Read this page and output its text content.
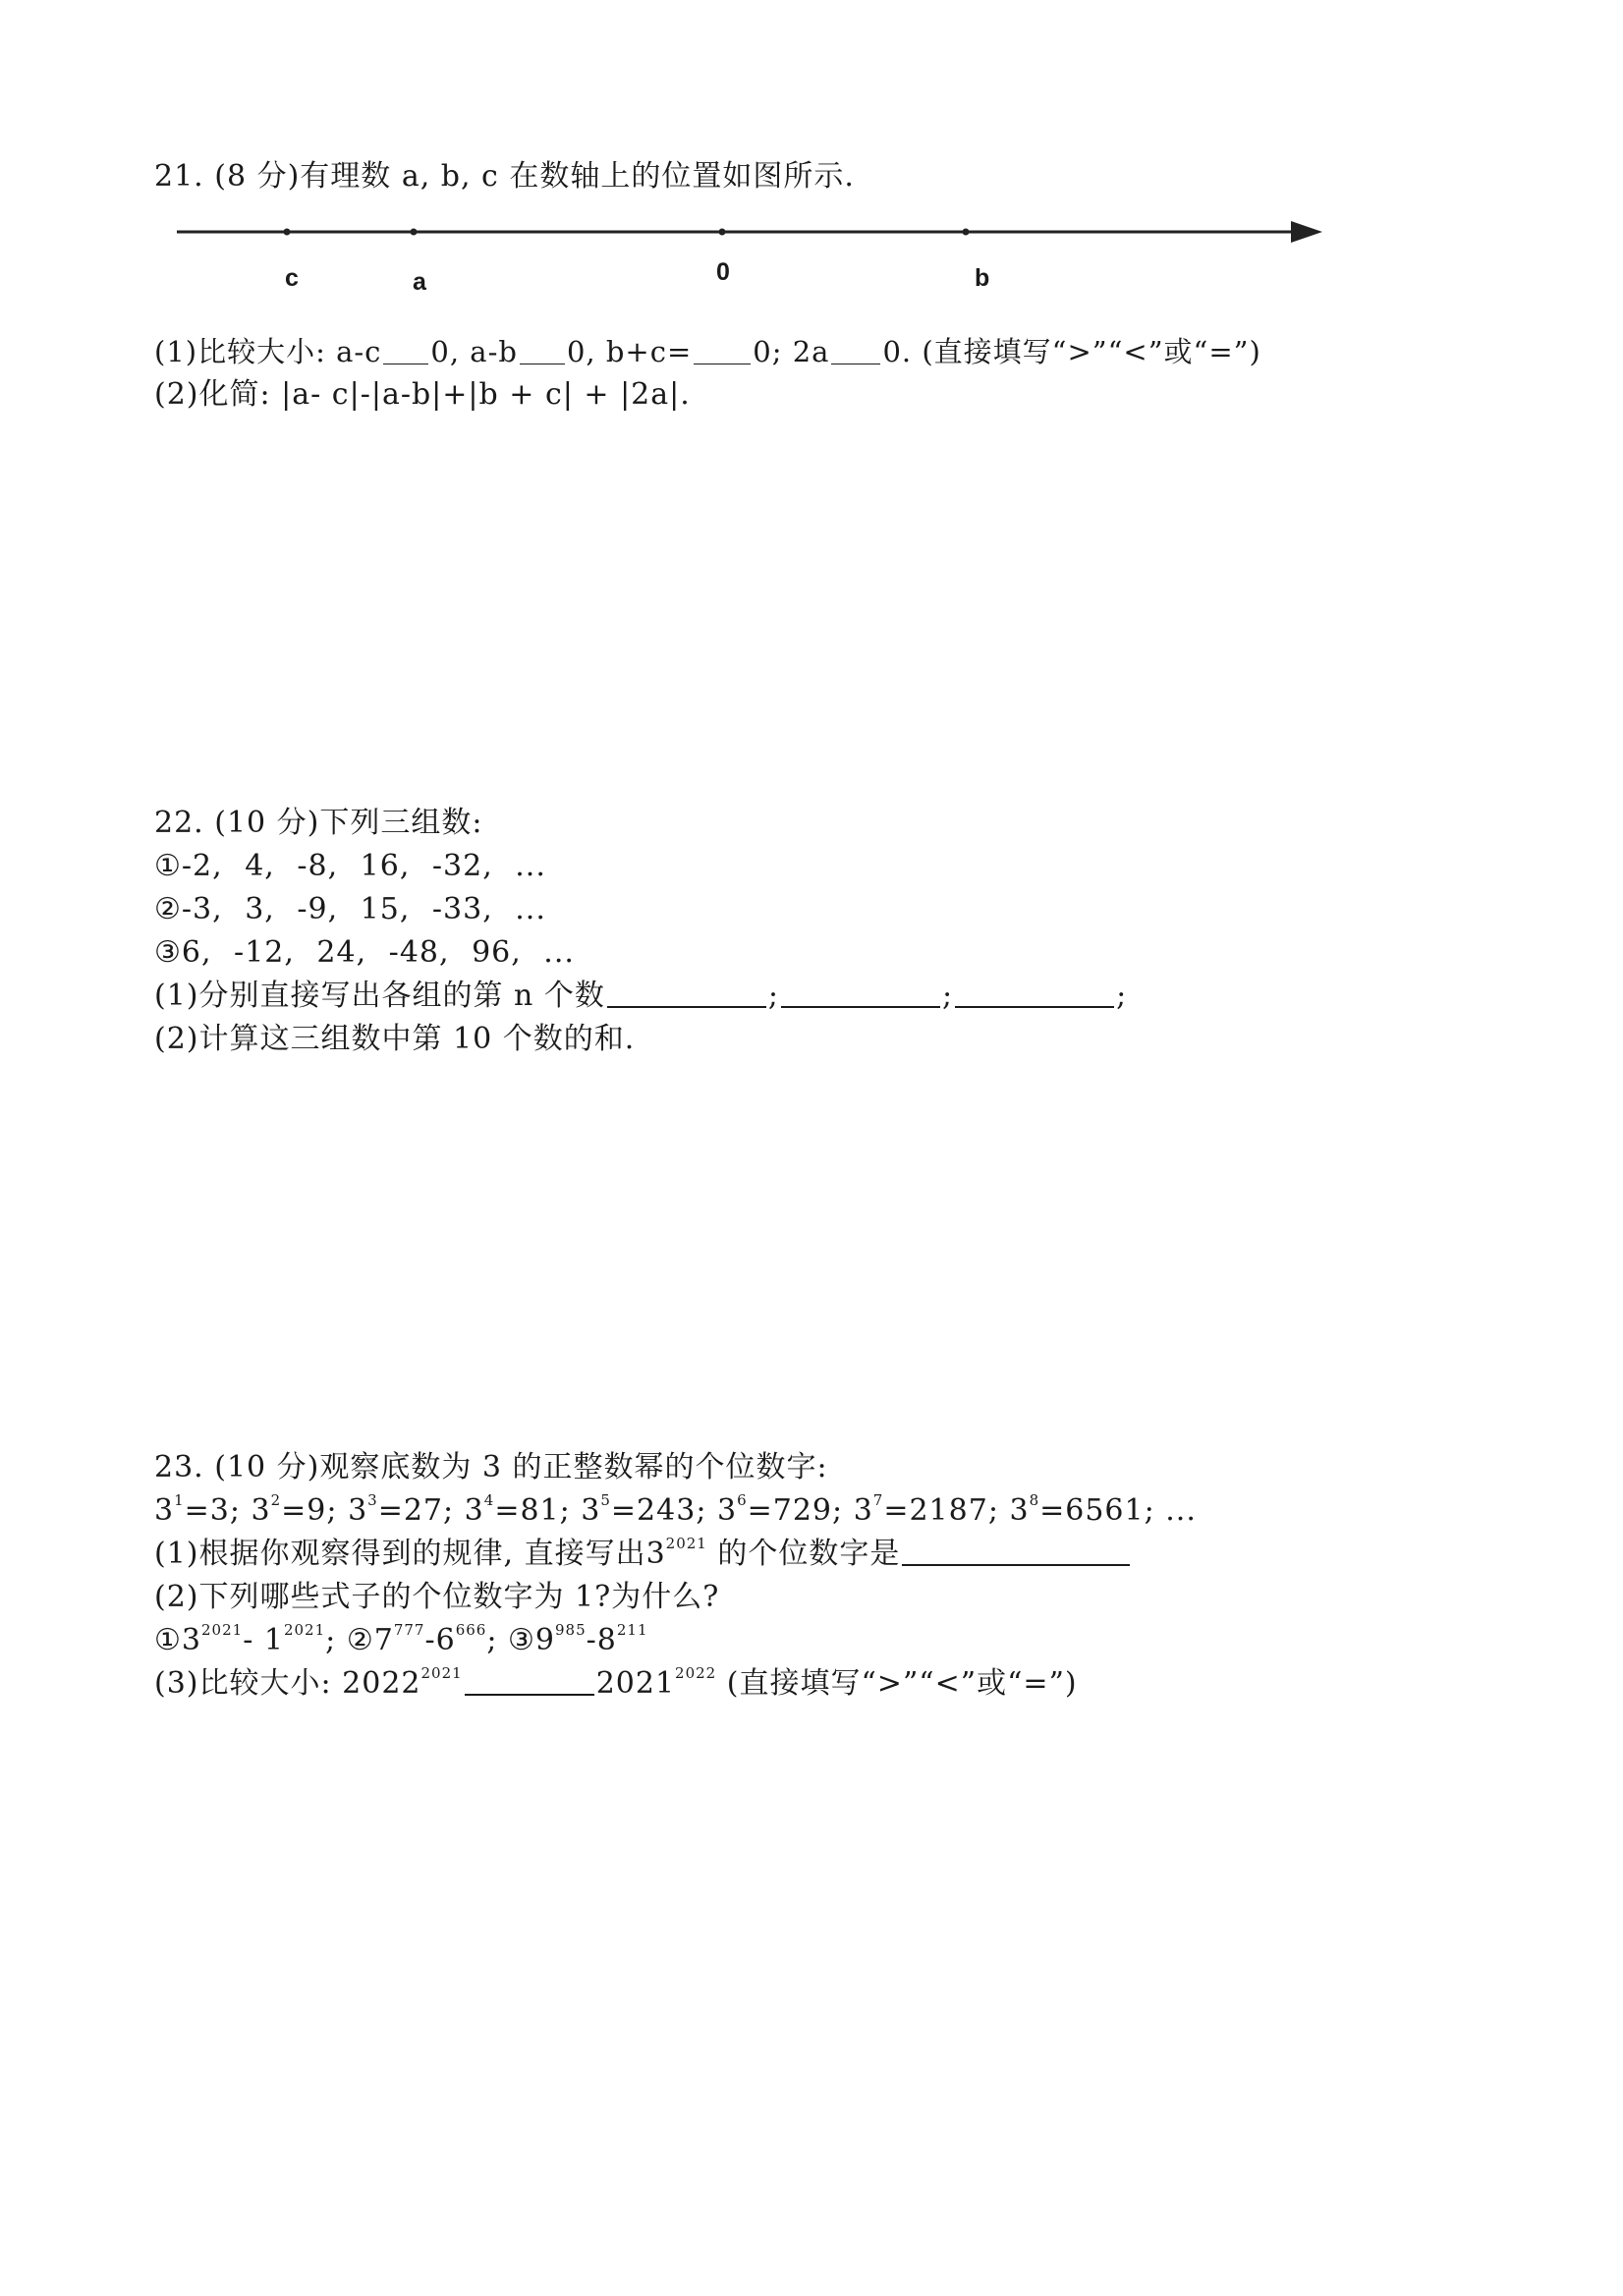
21. (8 分)有理数 a, b, c 在数轴上的位置如图所示.
c	a	0	b
(1)比较大小: a-c 0, a-b 0, b+c= 0; 2a 0. (直接填写“>”“<”或“=”)
(2)化简: |a- c|-|a-b|+|b + c| + |2a|.
22. (10 分)下列三组数:
①-2, 4, -8, 16, -32, ...
②-3, 3, -9, 15, -33, ...
③6, -12, 24, -48, 96, ...
(1)分别直接写出各组的第 n 个数	;	;	;
(2)计算这三组数中第 10 个数的和.
23. (10 分)观察底数为 3 的正整数幂的个位数字:
$3^1=3$; $3^2=9$; $3^3=27$; $3^4=81$; $3^5=243$; $3^6=729$; $3^7=2187$; $3^8=6561$; ...
(1)根据你观察得到的规律, 直接写出$3^{2021}$ 的个位数字是
(2)下列哪些式子的个位数字为 1?为什么?
$①3^{2021}-$ $1^{2021}$; $②7^{777}-6^{666}$; $③9^{985}-8^{211}$
(3)比较大小: $2022^{2021}$	$2021^{2022}$ (直接填写“>”“<”或“=”)
